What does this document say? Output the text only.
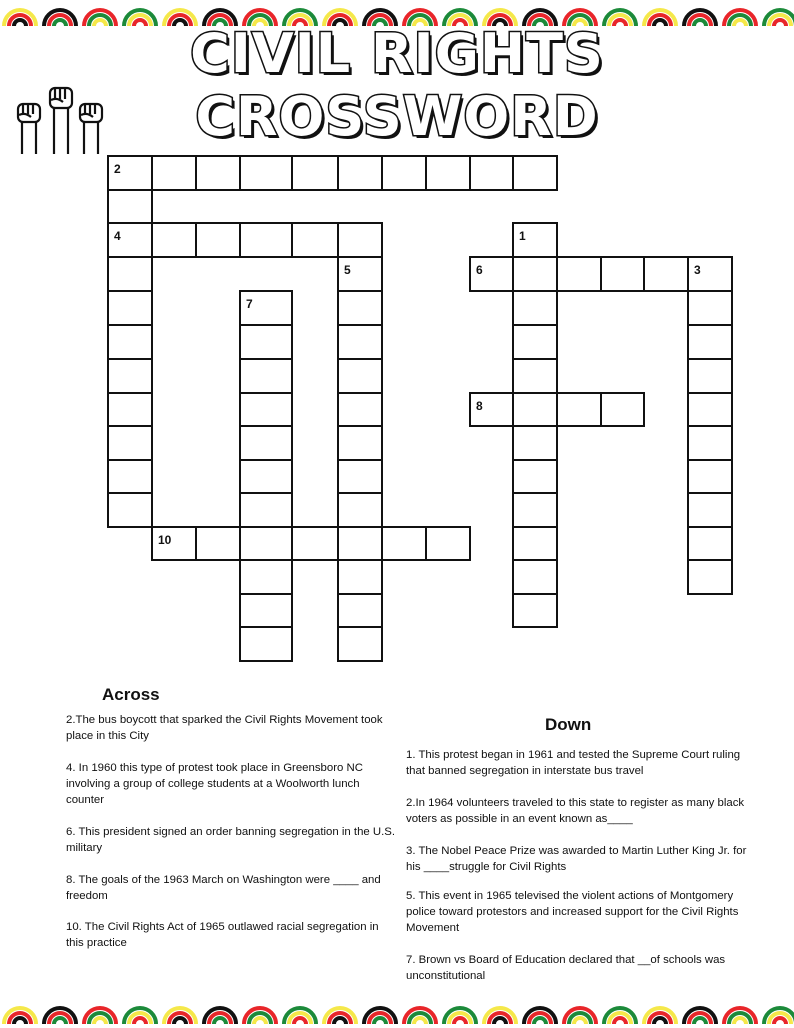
CIVIL RIGHTS CROSSWORD
2
4
5
7
10
1
6	3
8
Across
2.The bus boycott that sparked the Civil Rights Movement took place in this City
4. In 1960 this type of protest took place in Greensboro NC involving a group of college students at a Woolworth lunch counter
6. This president signed an order banning segregation in the U.S. military
8. The goals of the 1963 March on Washington were ____ and freedom
10. The Civil Rights Act of 1965 outlawed racial segregation in this practice
Down
1. This protest began in 1961 and tested the Supreme Court ruling that banned segregation in interstate bus travel
2.In 1964 volunteers traveled to this state to register as many black voters as possible in an event known as____
3. The Nobel Peace Prize was awarded to Martin Luther King Jr. for his ____struggle for Civil Rights
5. This event in 1965 televised the violent actions of Montgomery police toward protestors and increased support for the Civil Rights Movement
7. Brown vs Board of Education declared that __of schools was unconstitutional
